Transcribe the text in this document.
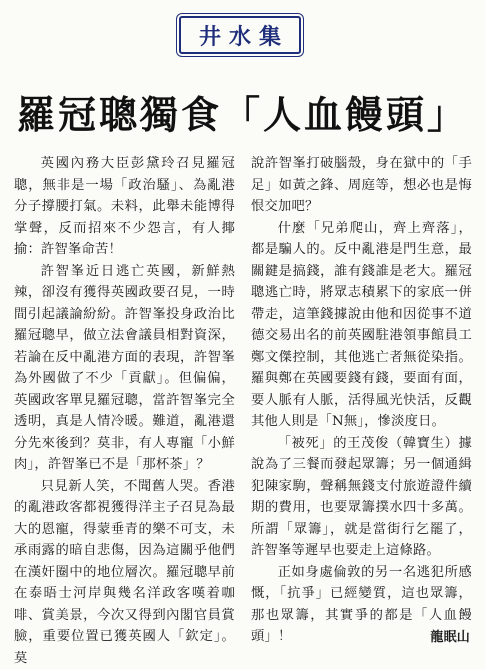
井水集
羅冠聰獨食「人血饅頭」

英國內務大臣彭黛玲召見羅冠聰，無非是一場「政治騷」、為亂港分子撐腰打氣。未料，此舉未能博得掌聲，反而招來不少怨言，有人揶揄：許智峯命苦！

許智峯近日逃亡英國，新鮮熱辣，卻沒有獲得英國政要召見，一時間引起議論紛紛。許智峯投身政治比羅冠聰早，做立法會議員相對資深，若論在反中亂港方面的表現，許智峯為外國做了不少「貢獻」。但偏偏，英國政客單見羅冠聰，當許智峯完全透明，真是人情冷暖。難道，亂港還分先來後到？莫非，有人專寵「小鮮肉」，許智峯已不是「那杯茶」？

只見新人笑，不聞舊人哭。香港的亂港政客都視獲得洋主子召見為最大的恩寵，得蒙垂青的樂不可支，未承雨露的暗自悲傷，因為這關乎他們在漢奸圈中的地位層次。羅冠聰早前在泰晤士河岸與幾名洋政客嘆着咖啡、賞美景，今次又得到內閣官員賞臉，重要位置已獲英國人「欽定」。莫

說許智峯打破腦殼，身在獄中的「手足」如黃之鋒、周庭等，想必也是悔恨交加吧？

什麼「兄弟爬山，齊上齊落」，都是騙人的。反中亂港是門生意，最關鍵是搞錢，誰有錢誰是老大。羅冠聰逃亡時，將眾志積累下的家底一併帶走，這筆錢據說由他和因從事不道德交易出名的前英國駐港領事館員工鄭文傑控制，其他逃亡者無從染指。羅與鄭在英國要錢有錢，要面有面，要人脈有人脈，活得風光快活，反觀其他人則是「N無」，慘淡度日。

「被死」的王茂俊（韓寶生）據說為了三餐而發起眾籌；另一個通緝犯陳家駒，聲稱無錢支付旅遊證件續期的費用，也要眾籌撲水四十多萬。所謂「眾籌」，就是當街行乞罷了，許智峯等遲早也要走上這條路。

正如身處倫敦的另一名逃犯所感慨，「抗爭」已經變質，這也眾籌，那也眾籌，其實爭的都是「人血饅頭」！	龍眠山
